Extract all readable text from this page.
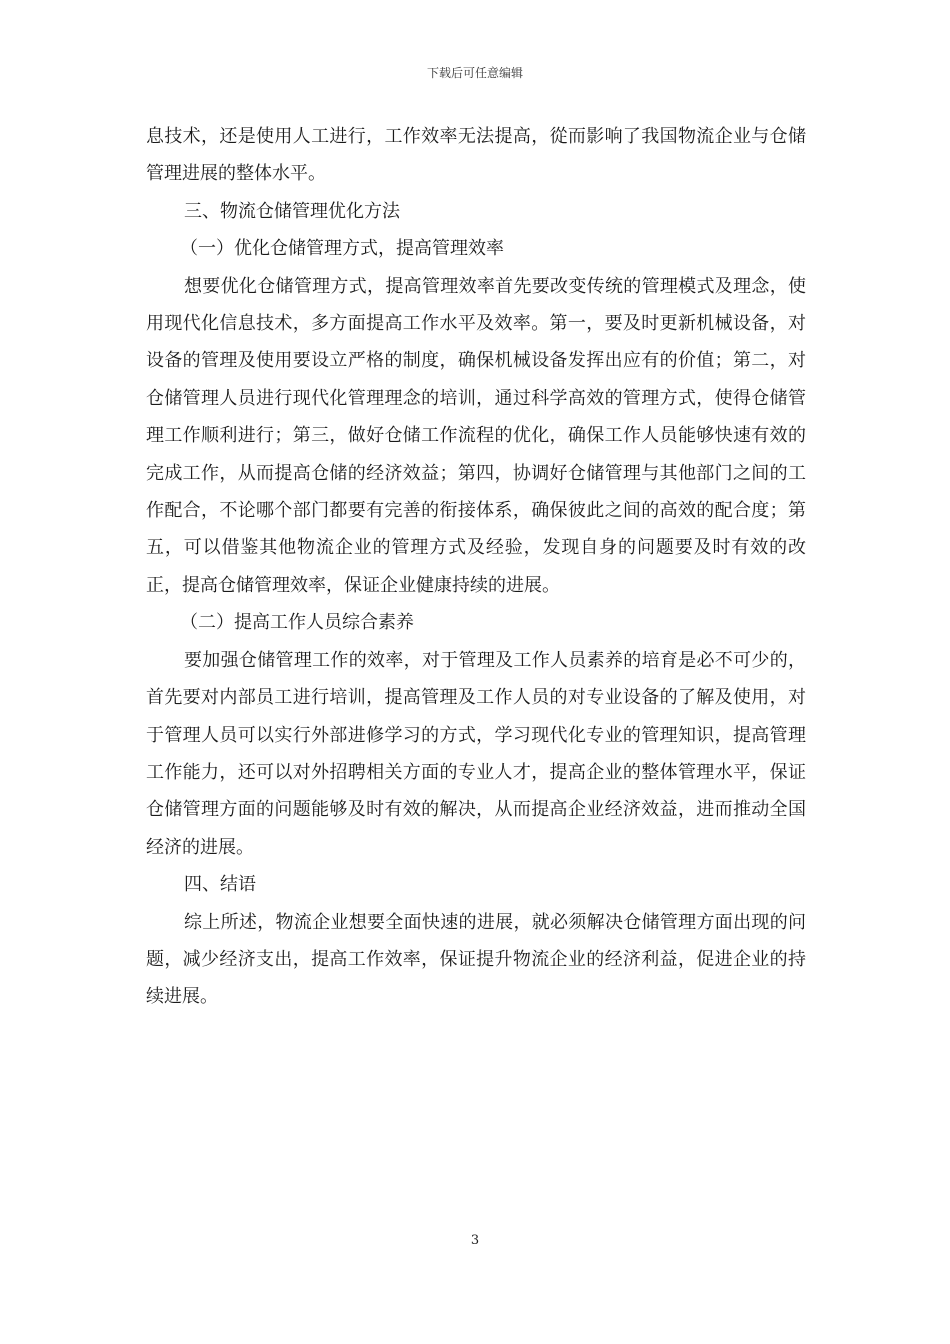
下载后可任意编辑

息技术，还是使用人工进行，工作效率无法提高，從而影响了我国物流企业与仓储管理进展的整体水平。

三、物流仓储管理优化方法

（一）优化仓储管理方式，提高管理效率

想要优化仓储管理方式，提高管理效率首先要改变传统的管理模式及理念，使用现代化信息技术，多方面提高工作水平及效率。第一，要及时更新机械设备，对设备的管理及使用要设立严格的制度，确保机械设备发挥出应有的价值；第二，对仓储管理人员进行现代化管理理念的培训，通过科学高效的管理方式，使得仓储管理工作顺利进行；第三，做好仓储工作流程的优化，确保工作人员能够快速有效的完成工作，从而提高仓储的经济效益；第四，协调好仓储管理与其他部门之间的工作配合，不论哪个部门都要有完善的衔接体系，确保彼此之间的高效的配合度；第五，可以借鉴其他物流企业的管理方式及经验，发现自身的问题要及时有效的改正，提高仓储管理效率，保证企业健康持续的进展。

（二）提高工作人员综合素养

要加强仓储管理工作的效率，对于管理及工作人员素养的培育是必不可少的，首先要对内部员工进行培训，提高管理及工作人员的对专业设备的了解及使用，对于管理人员可以实行外部进修学习的方式，学习现代化专业的管理知识，提高管理工作能力，还可以对外招聘相关方面的专业人才，提高企业的整体管理水平，保证仓储管理方面的问题能够及时有效的解决，从而提高企业经济效益，进而推动全国经济的进展。

四、结语

综上所述，物流企业想要全面快速的进展，就必须解决仓储管理方面出现的问题，减少经济支出，提高工作效率，保证提升物流企业的经济利益，促进企业的持续进展。

3
